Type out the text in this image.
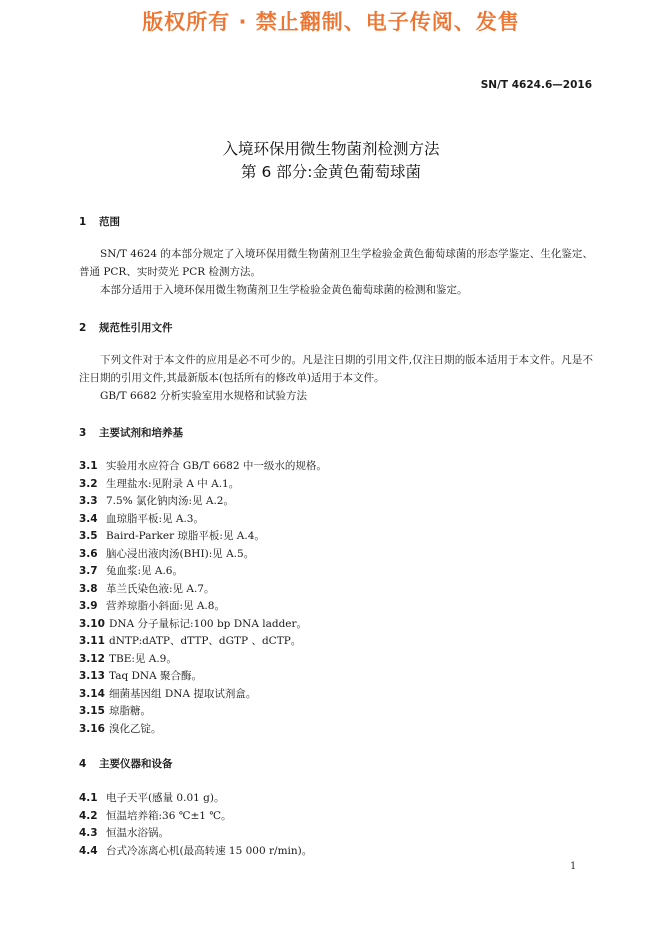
版权所有 · 禁止翻制、电子传阅、发售
SN/T 4624.6—2016
入境环保用微生物菌剂检测方法
第 6 部分:金黄色葡萄球菌
1 范围
SN/T 4624 的本部分规定了入境环保用微生物菌剂卫生学检验金黄色葡萄球菌的形态学鉴定、生化鉴定、普通 PCR、实时荧光 PCR 检测方法。
本部分适用于入境环保用微生物菌剂卫生学检验金黄色葡萄球菌的检测和鉴定。
2 规范性引用文件
下列文件对于本文件的应用是必不可少的。凡是注日期的引用文件,仅注日期的版本适用于本文件。凡是不注日期的引用文件,其最新版本(包括所有的修改单)适用于本文件。
GB/T 6682 分析实验室用水规格和试验方法
3 主要试剂和培养基
3.1 实验用水应符合 GB/T 6682 中一级水的规格。
3.2 生理盐水:见附录 A 中 A.1。
3.3 7.5% 氯化钠肉汤:见 A.2。
3.4 血琼脂平板:见 A.3。
3.5 Baird-Parker 琼脂平板:见 A.4。
3.6 脑心浸出液肉汤(BHI):见 A.5。
3.7 兔血浆:见 A.6。
3.8 革兰氏染色液:见 A.7。
3.9 营养琼脂小斜面:见 A.8。
3.10 DNA 分子量标记:100 bp DNA ladder。
3.11 dNTP:dATP、dTTP、dGTP 、dCTP。
3.12 TBE:见 A.9。
3.13 Taq DNA 聚合酶。
3.14 细菌基因组 DNA 提取试剂盒。
3.15 琼脂糖。
3.16 溴化乙锭。
4 主要仪器和设备
4.1 电子天平(感量 0.01 g)。
4.2 恒温培养箱:36 ℃±1 ℃。
4.3 恒温水浴锅。
4.4 台式冷冻离心机(最高转速 15 000 r/min)。
1
